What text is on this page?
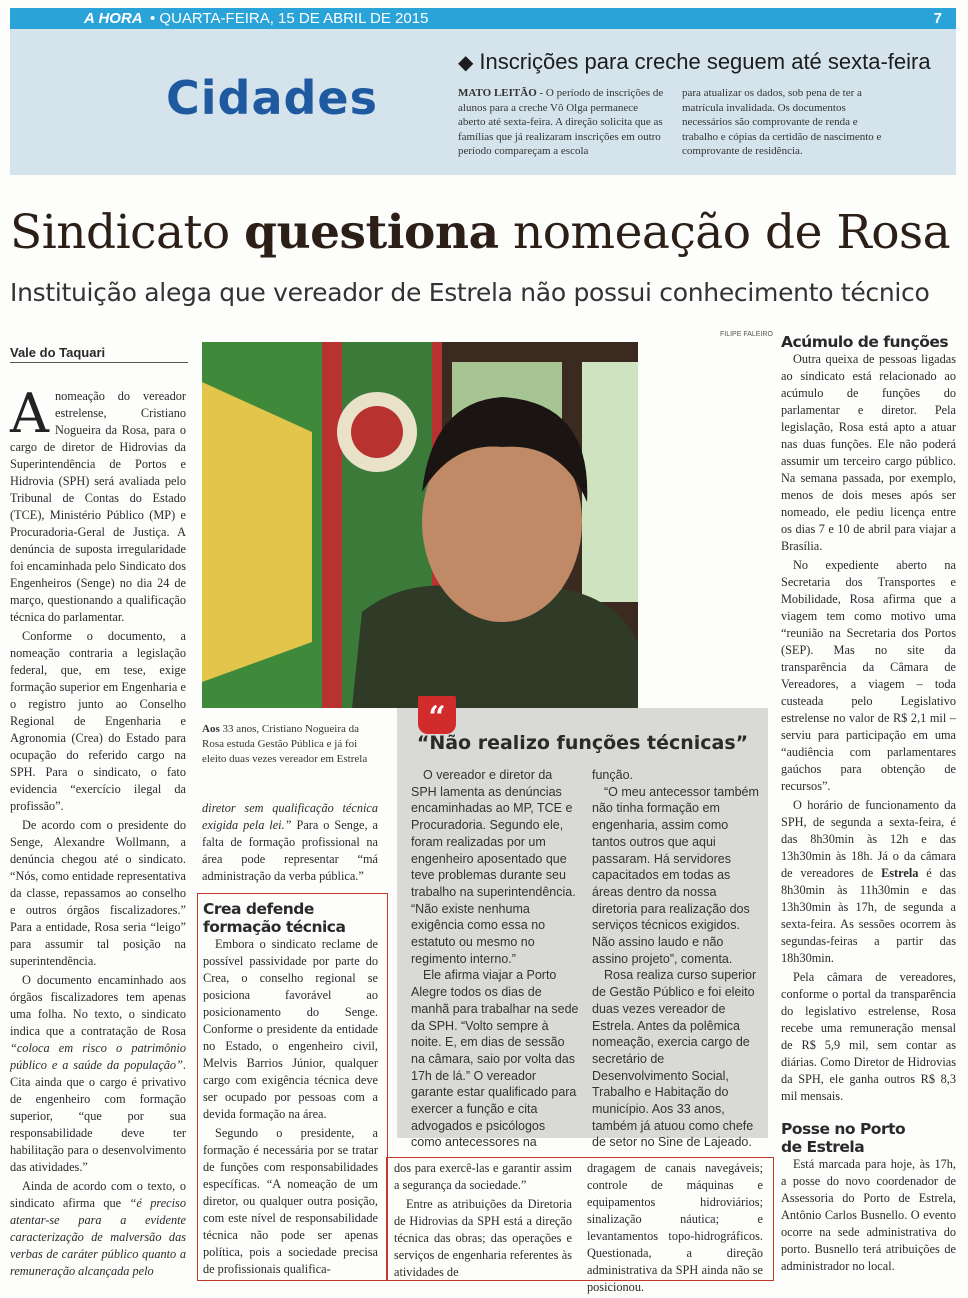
A HORA • QUARTA-FEIRA, 15 DE ABRIL DE 2015	7
Cidades
◆ Inscrições para creche seguem até sexta-feira
MATO LEITÃO - O período de inscrições de alunos para a creche Vô Olga permanece aberto até sexta-feira. A direção solicita que as famílias que já realizaram inscrições em outro período compareçam a escola
para atualizar os dados, sob pena de ter a matrícula invalidada. Os documentos necessários são comprovante de renda e trabalho e cópias da certidão de nascimento e comprovante de residência.
Sindicato questiona nomeação de Rosa
Instituição alega que vereador de Estrela não possui conhecimento técnico
Vale do Taquari

Anomeação do vereador estrelense, Cristiano Nogueira da Rosa, para o cargo de diretor de Hidrovias da Superintendência de Portos e Hidrovia (SPH) será avaliada pelo Tribunal de Contas do Estado (TCE), Ministério Público (MP) e Procuradoria-Geral de Justiça. A denúncia de suposta irregularidade foi encaminhada pelo Sindicato dos Engenheiros (Senge) no dia 24 de março, questionando a qualificação técnica do parlamentar.

Conforme o documento, a nomeação contraria a legislação federal, que, em tese, exige formação superior em Engenharia e o registro junto ao Conselho Regional de Engenharia e Agronomia (Crea) do Estado para ocupação do referido cargo na SPH. Para o sindicato, o fato evidencia “exercício ilegal da profissão”.

De acordo com o presidente do Senge, Alexandre Wollmann, a denúncia chegou até o sindicato. “Nós, como entidade representativa da classe, repassamos ao conselho e outros órgãos fiscalizadores.” Para a entidade, Rosa seria “leigo” para assumir tal posição na superintendência.

O documento encaminhado aos órgãos fiscalizadores tem apenas uma folha. No texto, o sindicato indica que a contratação de Rosa “coloca em risco o patrimônio público e a saúde da população”. Cita ainda que o cargo é privativo de engenheiro com formação superior, “que por sua responsabilidade deve ter habilitação para o desenvolvimento das atividades.”

Ainda de acordo com o texto, o sindicato afirma que “é preciso atentar-se para a evidente caracterização de malversão das verbas de caráter público quanto a remuneração alcançada pelo

FILIPE FALEIRO
Aos 33 anos, Cristiano Nogueira da Rosa estuda Gestão Pública e já foi eleito duas vezes vereador em Estrela

diretor sem qualificação técnica exigida pela lei.” Para o Senge, a falta de formação profissional na área pode representar “má administração da verba pública.”

Crea defende
formação técnica

Embora o sindicato reclame de possível passividade por parte do Crea, o conselho regional se posiciona favorável ao posicionamento do Senge. Conforme o presidente da entidade no Estado, o engenheiro civil, Melvis Barrios Júnior, qualquer cargo com exigência técnica deve ser ocupado por pessoas com a devida formação na área.

Segundo o presidente, a formação é necessária por se tratar de funções com responsabilidades específicas. “A nomeação de um diretor, ou qualquer outra posição, com este nível de responsabilidade técnica não pode ser apenas política, pois a sociedade precisa de profissionais qualifica-

“
“Não realizo funções técnicas”

O vereador e diretor da SPH lamenta as denúncias encaminhadas ao MP, TCE e Procuradoria. Segundo ele, foram realizadas por um engenheiro aposentado que teve problemas durante seu trabalho na superintendência. “Não existe nenhuma exigência como essa no estatuto ou mesmo no regimento interno.”

Ele afirma viajar a Porto Alegre todos os dias de manhã para trabalhar na sede da SPH. “Volto sempre à noite. E, em dias de sessão na câmara, saio por volta das 17h de lá.” O vereador garante estar qualificado para exercer a função e cita advogados e psicólogos como antecessores na

função.

“O meu antecessor também não tinha formação em engenharia, assim como tantos outros que aqui passaram. Há servidores capacitados em todas as áreas dentro da nossa diretoria para realização dos serviços técnicos exigidos. Não assino laudo e não assino projeto”, comenta.

Rosa realiza curso superior de Gestão Público e foi eleito duas vezes vereador de Estrela. Antes da polêmica nomeação, exercia cargo de secretário de Desenvolvimento Social, Trabalho e Habitação do município. Aos 33 anos, também já atuou como chefe de setor no Sine de Lajeado.

dos para exercê-las e garantir assim a segurança da sociedade.”

Entre as atribuições da Diretoria de Hidrovias da SPH está a direção técnica das obras; das operações e serviços de engenharia referentes às atividades de

dragagem de canais navegáveis; controle de máquinas e equipamentos hidroviários; sinalização náutica; e levantamentos topo-hidrográficos. Questionada, a direção administrativa da SPH ainda não se posicionou.

Acúmulo de funções

Outra queixa de pessoas ligadas ao sindicato está relacionado ao acúmulo de funções do parlamentar e diretor. Pela legislação, Rosa está apto a atuar nas duas funções. Ele não poderá assumir um terceiro cargo público. Na semana passada, por exemplo, menos de dois meses após ser nomeado, ele pediu licença entre os dias 7 e 10 de abril para viajar a Brasília.

No expediente aberto na Secretaria dos Transportes e Mobilidade, Rosa afirma que a viagem tem como motivo uma “reunião na Secretaria dos Portos (SEP). Mas no site da transparência da Câmara de Vereadores, a viagem – toda custeada pelo Legislativo estrelense no valor de R$ 2,1 mil – serviu para participação em uma “audiência com parlamentares gaúchos para obtenção de recursos”.

O horário de funcionamento da SPH, de segunda a sexta-feira, é das 8h30min às 12h e das 13h30min às 18h. Já o da câmara de vereadores de Estrela é das 8h30min às 11h30min e das 13h30min às 17h, de segunda a sexta-feira. As sessões ocorrem às segundas-feiras a partir das 18h30min.

Pela câmara de vereadores, conforme o portal da transparência do legislativo estrelense, Rosa recebe uma remuneração mensal de R$ 5,9 mil, sem contar as diárias. Como Diretor de Hidrovias da SPH, ele ganha outros R$ 8,3 mil mensais.

Posse no Porto
de Estrela

Está marcada para hoje, às 17h, a posse do novo coordenador de Assessoria do Porto de Estrela, Antônio Carlos Busnello. O evento ocorre na sede administrativa do porto. Busnello terá atribuições de administrador no local.
